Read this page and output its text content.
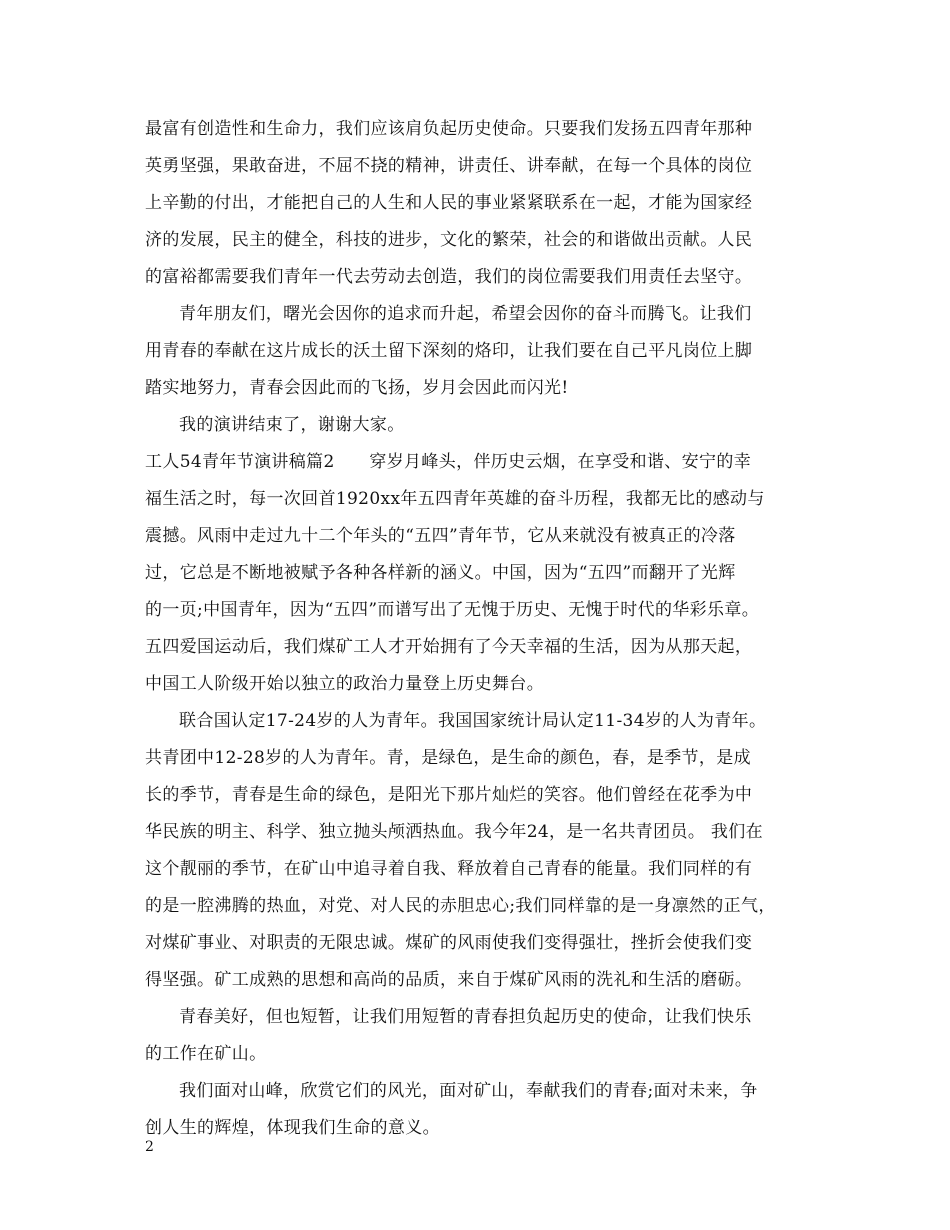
最富有创造性和生命力，我们应该肩负起历史使命。只要我们发扬五四青年那种
英勇坚强，果敢奋进，不屈不挠的精神，讲责任、讲奉献，在每一个具体的岗位
上辛勤的付出，才能把自己的人生和人民的事业紧紧联系在一起，才能为国家经
济的发展，民主的健全，科技的进步，文化的繁荣，社会的和谐做出贡献。人民
的富裕都需要我们青年一代去劳动去创造，我们的岗位需要我们用责任去坚守。
青年朋友们，曙光会因你的追求而升起，希望会因你的奋斗而腾飞。让我们
用青春的奉献在这片成长的沃土留下深刻的烙印，让我们要在自己平凡岗位上脚
踏实地努力，青春会因此而的飞扬，岁月会因此而闪光!
我的演讲结束了，谢谢大家。
工人54青年节演讲稿篇2　　穿岁月峰头，伴历史云烟，在享受和谐、安宁的幸
福生活之时，每一次回首1920xx年五四青年英雄的奋斗历程，我都无比的感动与
震撼。风雨中走过九十二个年头的“五四”青年节，它从来就没有被真正的冷落
过，它总是不断地被赋予各种各样新的涵义。中国，因为“五四”而翻开了光辉
的一页;中国青年，因为“五四”而谱写出了无愧于历史、无愧于时代的华彩乐章。
五四爱国运动后，我们煤矿工人才开始拥有了今天幸福的生活，因为从那天起，
中国工人阶级开始以独立的政治力量登上历史舞台。
联合国认定17-24岁的人为青年。我国国家统计局认定11-34岁的人为青年。
共青团中12-28岁的人为青年。青，是绿色，是生命的颜色，春，是季节，是成
长的季节，青春是生命的绿色，是阳光下那片灿烂的笑容。他们曾经在花季为中
华民族的明主、科学、独立抛头颅洒热血。我今年24，是一名共青团员。 我们在
这个靓丽的季节，在矿山中追寻着自我、释放着自己青春的能量。我们同样的有
的是一腔沸腾的热血，对党、对人民的赤胆忠心;我们同样靠的是一身凛然的正气，
对煤矿事业、对职责的无限忠诚。煤矿的风雨使我们变得强壮，挫折会使我们变
得坚强。矿工成熟的思想和高尚的品质，来自于煤矿风雨的洗礼和生活的磨砺。
青春美好，但也短暂，让我们用短暂的青春担负起历史的使命，让我们快乐
的工作在矿山。
我们面对山峰，欣赏它们的风光，面对矿山，奉献我们的青春;面对未来，争
创人生的辉煌，体现我们生命的意义。
2
